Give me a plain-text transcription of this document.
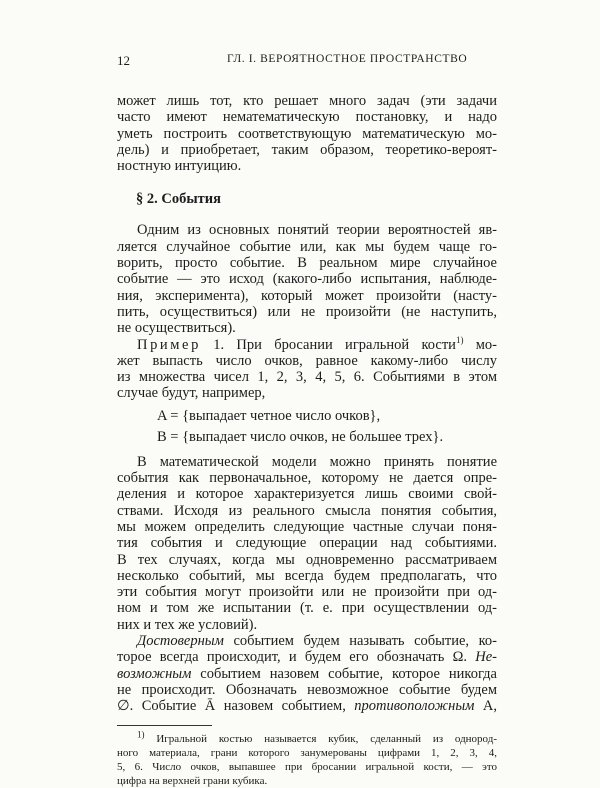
12	ГЛ. I. ВЕРОЯТНОСТНОЕ ПРОСТРАНСТВО
может лишь тот, кто решает много задач (эти задачи
часто имеют нематематическую постановку, и надо
уметь построить соответствующую математическую мо-
дель) и приобретает, таким образом, теоретико-вероят-
ностную интуицию.
§ 2. События
Одним из основных понятий теории вероятностей яв-
ляется случайное событие или, как мы будем чаще го-
ворить, просто событие. В реальном мире случайное
событие — это исход (какого-либо испытания, наблюде-
ния, эксперимента), который может произойти (насту-
пить, осуществиться) или не произойти (не наступить,
не осуществиться).
Пример 1. При бросании игральной кости$^{1)}$ мо-
жет выпасть число очков, равное какому-либо числу
из множества чисел 1, 2, 3, 4, 5, 6. Событиями в этом
случае будут, например,
A = {выпадает четное число очков},
B = {выпадает число очков, не большее трех}.
В математической модели можно принять понятие
события как первоначальное, которому не дается опре-
деления и которое характеризуется лишь своими свой-
ствами. Исходя из реального смысла понятия события,
мы можем определить следующие частные случаи поня-
тия события и следующие операции над событиями.
В тех случаях, когда мы одновременно рассматриваем
несколько событий, мы всегда будем предполагать, что
эти события могут произойти или не произойти при од-
ном и том же испытании (т. е. при осуществлении од-
них и тех же условий).
Достоверным событием будем называть событие, ко-
торое всегда происходит, и будем его обозначать Ω. Не-
возможным событием назовем событие, которое никогда
не происходит. Обозначать невозможное событие будем
∅. Событие Ā назовем событием, противоположным A,
$^{1)}$ Игральной костью называется кубик, сделанный из однород-
ного материала, грани которого занумерованы цифрами 1, 2, 3, 4,
5, 6. Число очков, выпавшее при бросании игральной кости, — это
цифра на верхней грани кубика.
